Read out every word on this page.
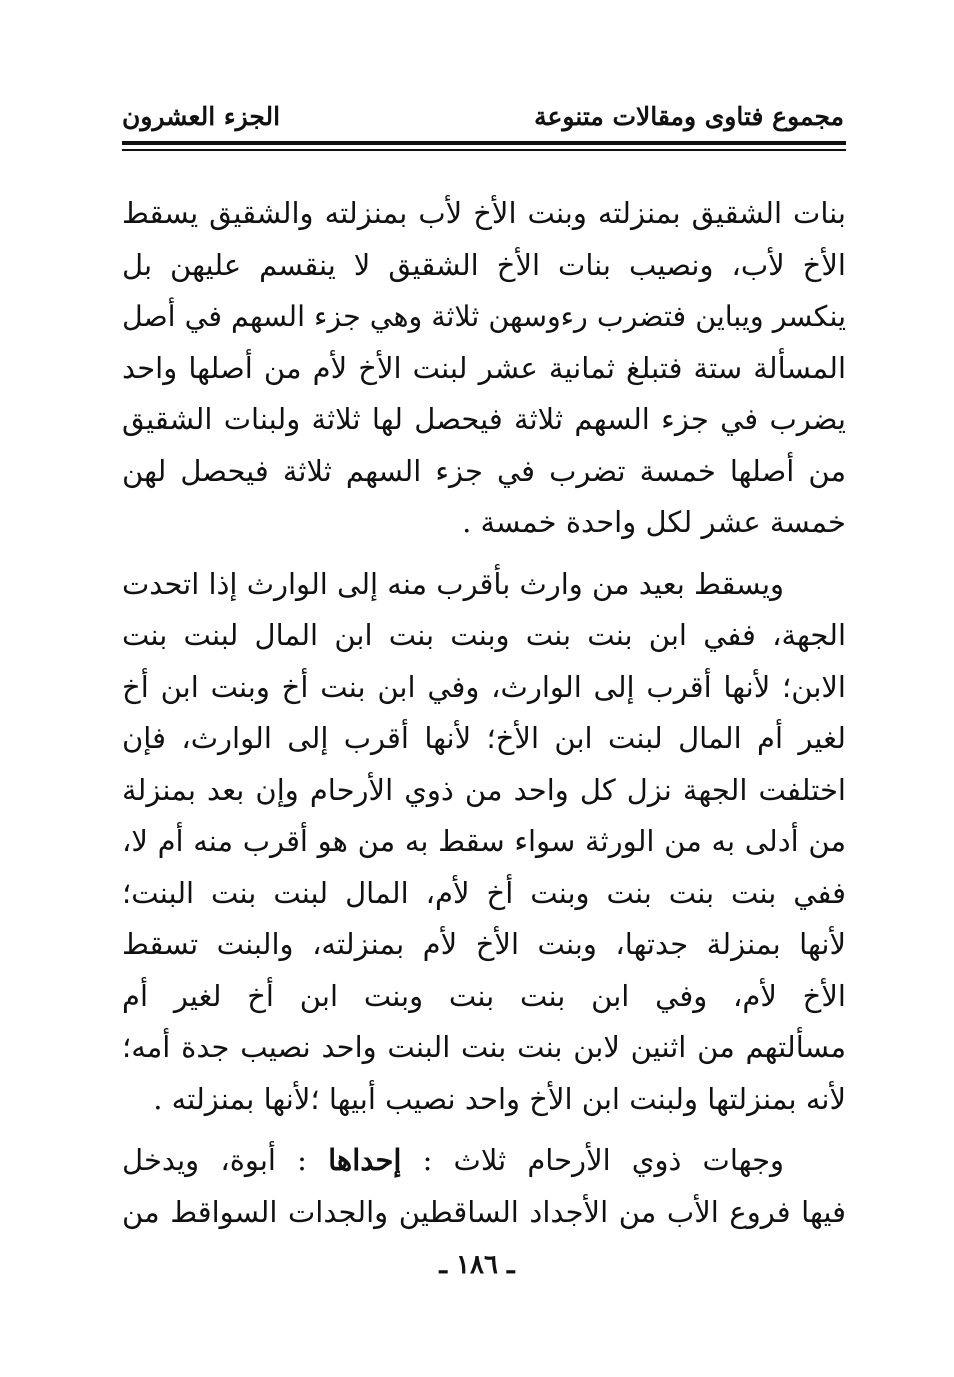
مجموع فتاوى ومقالات متنوعة
الجزء العشرون

بنات الشقيق بمنزلته وبنت الأخ لأب بمنزلته والشقيق يسقط
الأخ لأب، ونصيب بنات الأخ الشقيق لا ينقسم عليهن بل
ينكسر ويباين فتضرب رءوسهن ثلاثة وهي جزء السهم في أصل
المسألة ستة فتبلغ ثمانية عشر لبنت الأخ لأم من أصلها واحد
يضرب في جزء السهم ثلاثة فيحصل لها ثلاثة ولبنات الشقيق
من أصلها خمسة تضرب في جزء السهم ثلاثة فيحصل لهن
خمسة عشر لكل واحدة خمسة .

ويسقط بعيد من وارث بأقرب منه إلى الوارث إذا اتحدت
الجهة، ففي ابن بنت بنت وبنت بنت ابن المال لبنت بنت
الابن؛ لأنها أقرب إلى الوارث، وفي ابن بنت أخ وبنت ابن أخ
لغير أم المال لبنت ابن الأخ؛ لأنها أقرب إلى الوارث، فإن
اختلفت الجهة نزل كل واحد من ذوي الأرحام وإن بعد بمنزلة
من أدلى به من الورثة سواء سقط به من هو أقرب منه أم لا،
ففي بنت بنت بنت وبنت أخ لأم، المال لبنت بنت البنت؛
لأنها بمنزلة جدتها، وبنت الأخ لأم بمنزلته، والبنت تسقط
الأخ لأم، وفي ابن بنت بنت وبنت ابن أخ لغير أم
مسألتهم من اثنين لابن بنت بنت البنت واحد نصيب جدة أمه؛
لأنه بمنزلتها ولبنت ابن الأخ واحد نصيب أبيها ؛لأنها بمنزلته .

وجهات ذوي الأرحام ثلاث : إحداها : أبوة، ويدخل
فيها فروع الأب من الأجداد الساقطين والجدات السواقط من

ـ ١٨٦ ـ
